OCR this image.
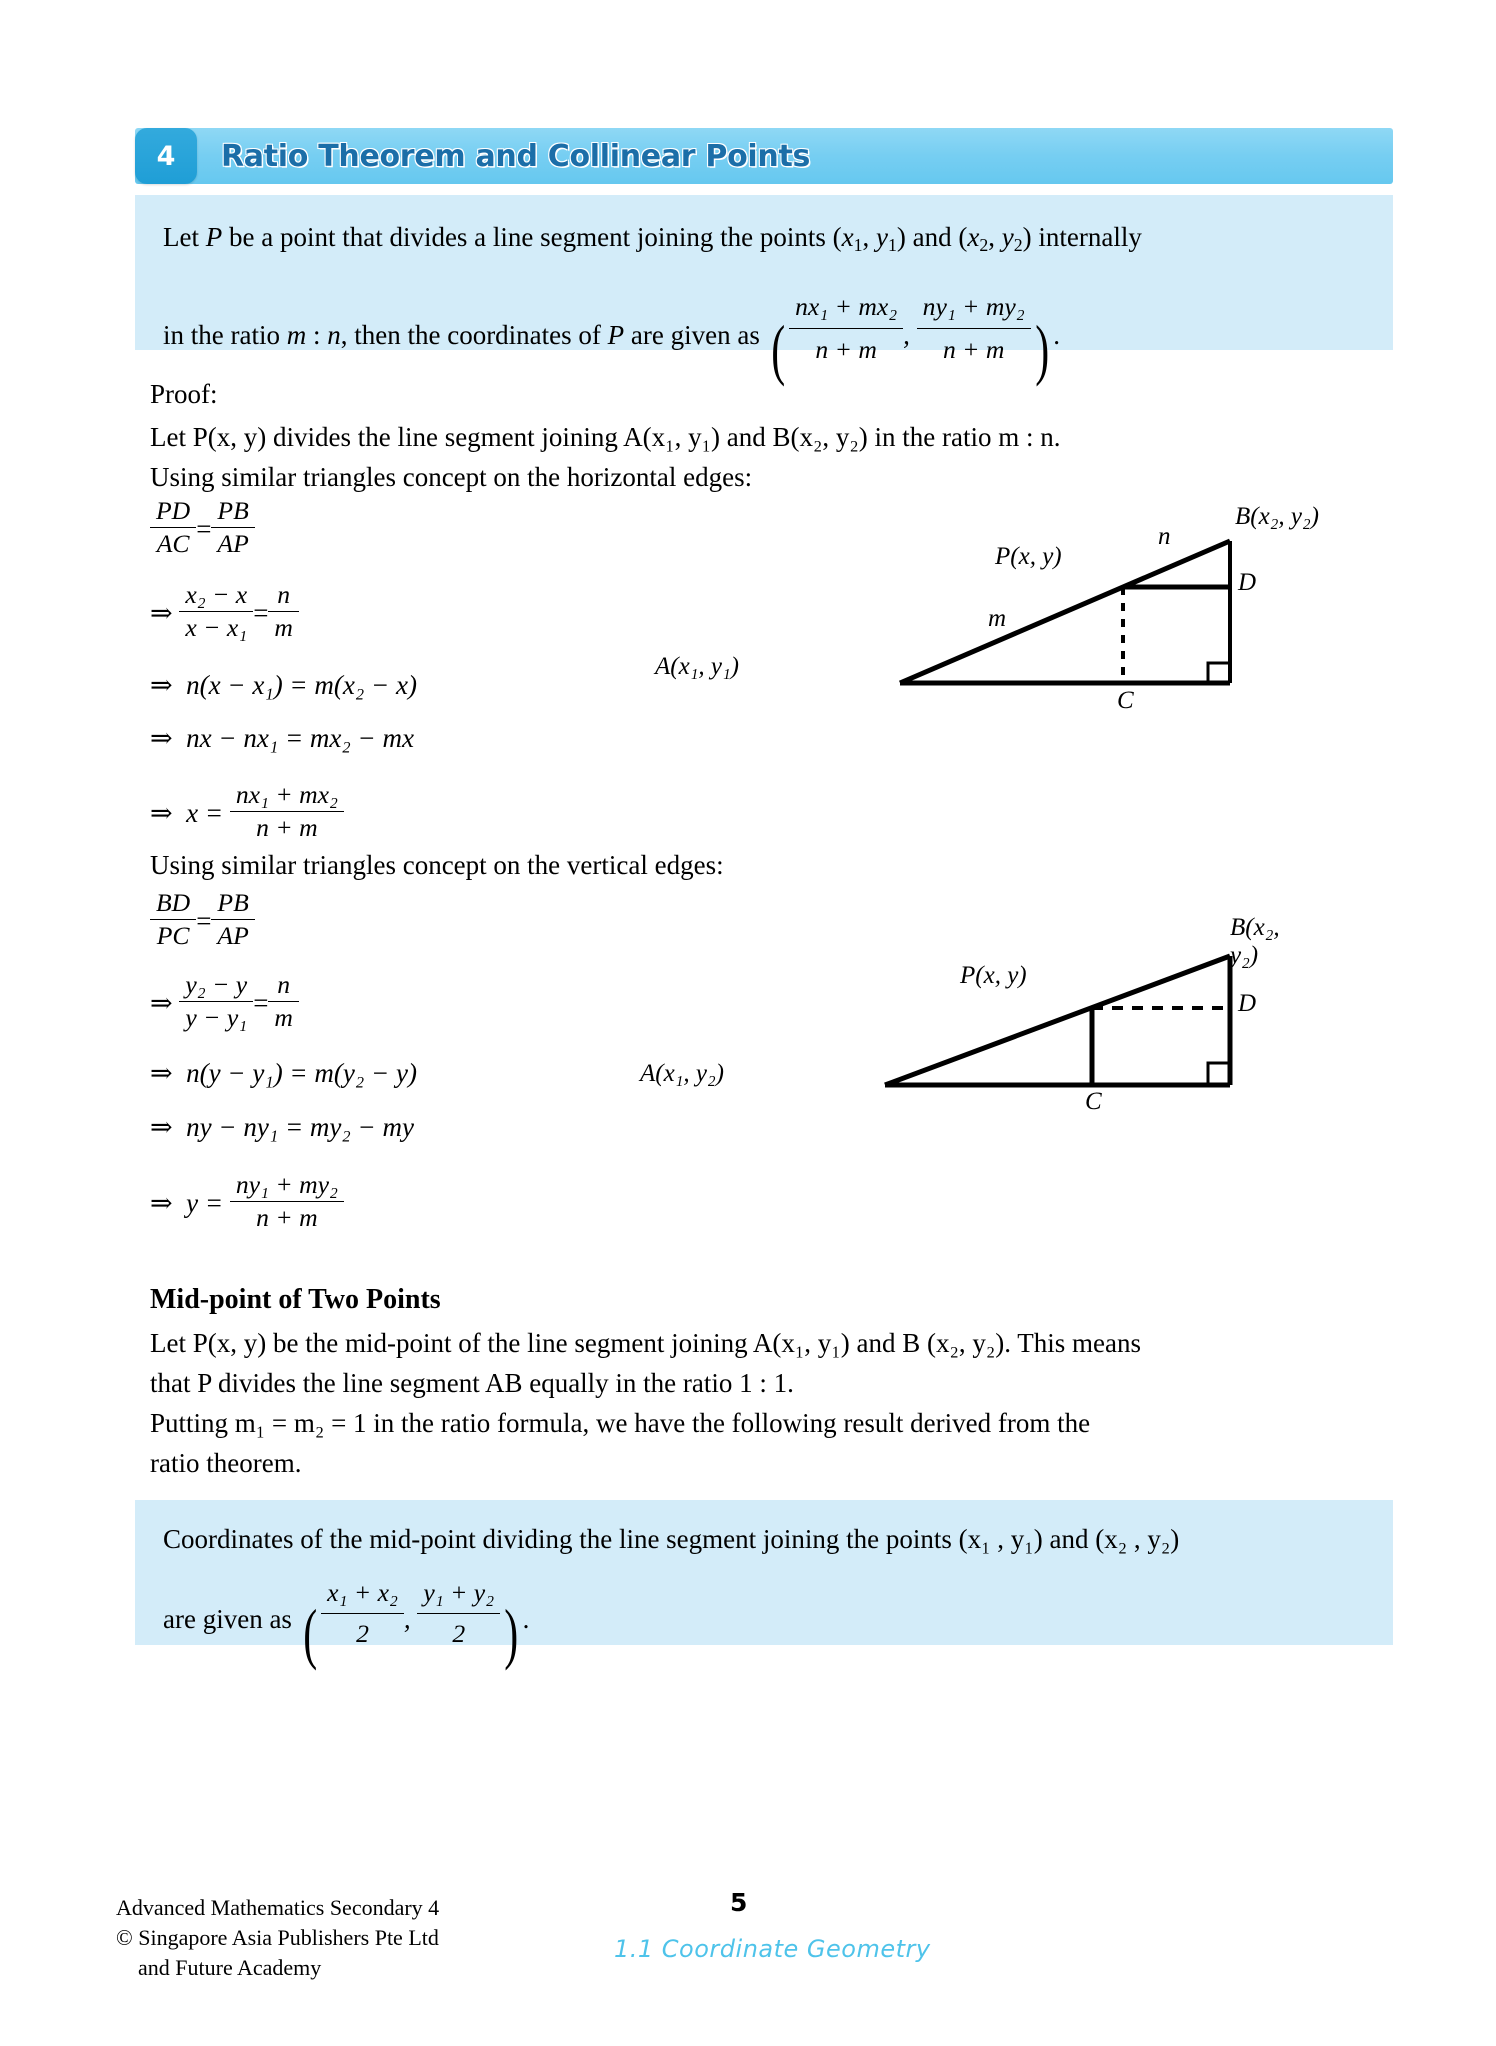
4 Ratio Theorem and Collinear Points
Let P be a point that divides a line segment joining the points ($x_1$, $y_1$) and ($x_2$, $y_2$) internally
in the ratio m : n, then the coordinates of P are given as ( $\frac{\text{nx₁ + mx₂}}{n + m}$ , $\frac{\text{ny₁ + my₂}}{n + m}$ ) .
Proof:
Let P(x, y) divides the line segment joining A(x₁, y₁) and B(x₂, y₂) in the ratio m : n.
Using similar triangles concept on the horizontal edges:
$\frac{PD}{AC} = \frac{PB}{AP}$
⇒ $\frac{\text{x₂ − x}}{\text{x − x₁}} = \frac{n}{m}$
⇒ n(x − x₁) = m(x₂ − x)
⇒ nx − nx₁ = mx₂ − mx
⇒ $x = \frac{\text{nx₁ + mx₂}}{n + m}$
A(x₁, y₁)
B(x₂, y₂)
P(x, y)
C
D
m
n
Using similar triangles concept on the vertical edges:
$\frac{BD}{PC} = \frac{PB}{AP}$
⇒ $\frac{\text{y₂ − y}}{\text{y − y₁}} = \frac{n}{m}$
⇒ n(y − y₁) = m(y₂ − y)
⇒ ny − ny₁ = my₂ − my
⇒ $y = \frac{\text{ny₁ + my₂}}{n + m}$
A(x₁, y₂)
B(x₂, y₂)
P(x, y)
C
D
Mid-point of Two Points
Let P(x, y) be the mid-point of the line segment joining A(x₁, y₁) and B (x₂, y₂). This means
that P divides the line segment AB equally in the ratio 1 : 1.
Putting m₁ = m₂ = 1 in the ratio formula, we have the following result derived from the
ratio theorem.
Coordinates of the mid-point dividing the line segment joining the points (x₁ , y₁) and (x₂ , y₂)
are given as ( $\frac{\text{x₁ + x₂}}{2}$ , $\frac{\text{y₁ + y₂}}{2}$ ) .
Advanced Mathematics Secondary 4
© Singapore Asia Publishers Pte Ltd
and Future Academy
5
1.1 Coordinate Geometry
